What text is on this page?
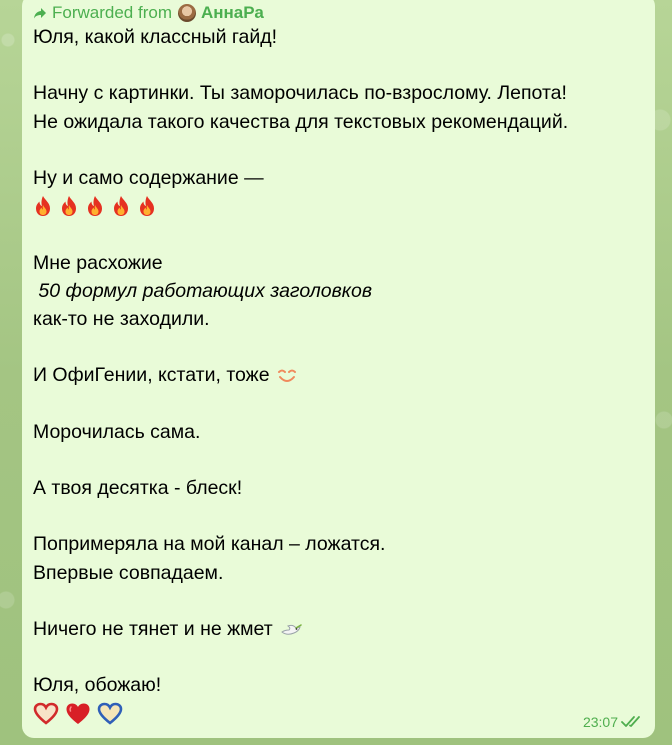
Forwarded from АннаРа
Юля, какой классный гайд!
Начну с картинки. Ты заморочилась по-взрослому. Лепота!
Не ожидала такого качества для текстовых рекомендаций.
Ну и само содержание —
Мне расхожие
50 формул работающих заголовков
как-то не заходили.
И ОфиГении, кстати, тоже
Морочилась сама.
А твоя десятка - блеск!
Попримеряла на мой канал – ложатся.
Впервые совпадаем.
Ничего не тянет и не жмет
Юля, обожаю!
23:07
